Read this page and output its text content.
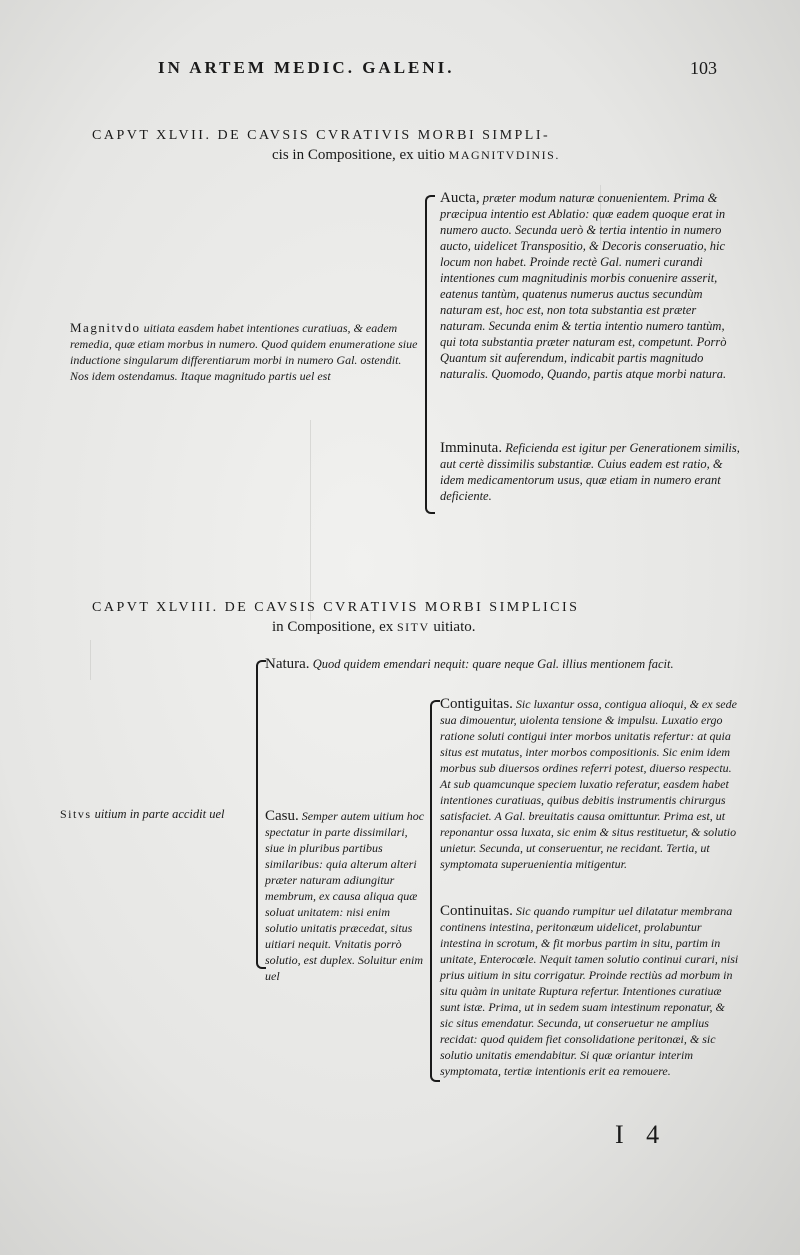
IN ARTEM MEDIC. GALENI.	103
CAPVT XLVII. DE CAVSIS CVRATIVIS MORBI SIMPLI-
cis in Compositione, ex uitio MAGNITVDINIS.
Magnitvdo uitiata easdem habet intentiones curatiuas, & eadem remedia, quæ etiam morbus in numero. Quod quidem enumeratione siue inductione singularum differentiarum morbi in numero Gal. ostendit. Nos idem ostendamus. Itaque magnitudo partis uel est
Aucta, præter modum naturæ conuenientem. Prima & præcipua intentio est Ablatio: quæ eadem quoque erat in numero aucto. Secunda uerò & tertia intentio in numero aucto, uidelicet Transpositio, & Decoris conseruatio, hic locum non habet. Proinde rectè Gal. numeri curandi intentiones cum magnitudinis morbis conuenire asserit, eatenus tantùm, quatenus numerus auctus secundùm naturam est, hoc est, non tota substantia est præter naturam. Secunda enim & tertia intentio numero tantùm, qui tota substantia præter naturam est, competunt. Porrò Quantum sit auferendum, indicabit partis magnitudo naturalis. Quomodo, Quando, partis atque morbi natura.
Imminuta. Reficienda est igitur per Generationem similis, aut certè dissimilis substantiæ. Cuius eadem est ratio, & idem medicamentorum usus, quæ etiam in numero erant deficiente.
CAPVT XLVIII. DE CAVSIS CVRATIVIS MORBI SIMPLICIS
in Compositione, ex SITV uitiato.
Sitvs uitium in parte accidit uel
Natura. Quod quidem emendari nequit: quare neque Gal. illius mentionem facit.
Casu. Semper autem uitium hoc spectatur in parte dissimilari, siue in pluribus partibus similaribus: quia alterum alteri præter naturam adiungitur membrum, ex causa aliqua quæ soluat unitatem: nisi enim solutio unitatis præcedat, situs uitiari nequit. Vnitatis porrò solutio, est duplex. Soluitur enim uel
Contiguitas. Sic luxantur ossa, contigua alioqui, & ex sede sua dimouentur, uiolenta tensione & impulsu. Luxatio ergo ratione soluti contigui inter morbos unitatis refertur: at quia situs est mutatus, inter morbos compositionis. Sic enim idem morbus sub diuersos ordines referri potest, diuerso respectu. At sub quamcunque speciem luxatio referatur, easdem habet intentiones curatiuas, quibus debitis instrumentis chirurgus satisfaciet. A Gal. breuitatis causa omittuntur. Prima est, ut reponantur ossa luxata, sic enim & situs restituetur, & solutio unietur. Secunda, ut conseruentur, ne recidant. Tertia, ut symptomata superuenientia mitigentur.
Continuitas. Sic quando rumpitur uel dilatatur membrana continens intestina, peritonæum uidelicet, prolabuntur intestina in scrotum, & fit morbus partim in situ, partim in unitate, Enterocœle. Nequit tamen solutio continui curari, nisi prius uitium in situ corrigatur. Proinde rectiùs ad morbum in situ quàm in unitate Ruptura refertur. Intentiones curatiuæ sunt istæ. Prima, ut in sedem suam intestinum reponatur, & sic situs emendatur. Secunda, ut conseruetur ne amplius recidat: quod quidem fiet consolidatione peritonæi, & sic solutio unitatis emendabitur. Si quæ oriantur interim symptomata, tertiæ intentionis erit ea remouere.
I 4
